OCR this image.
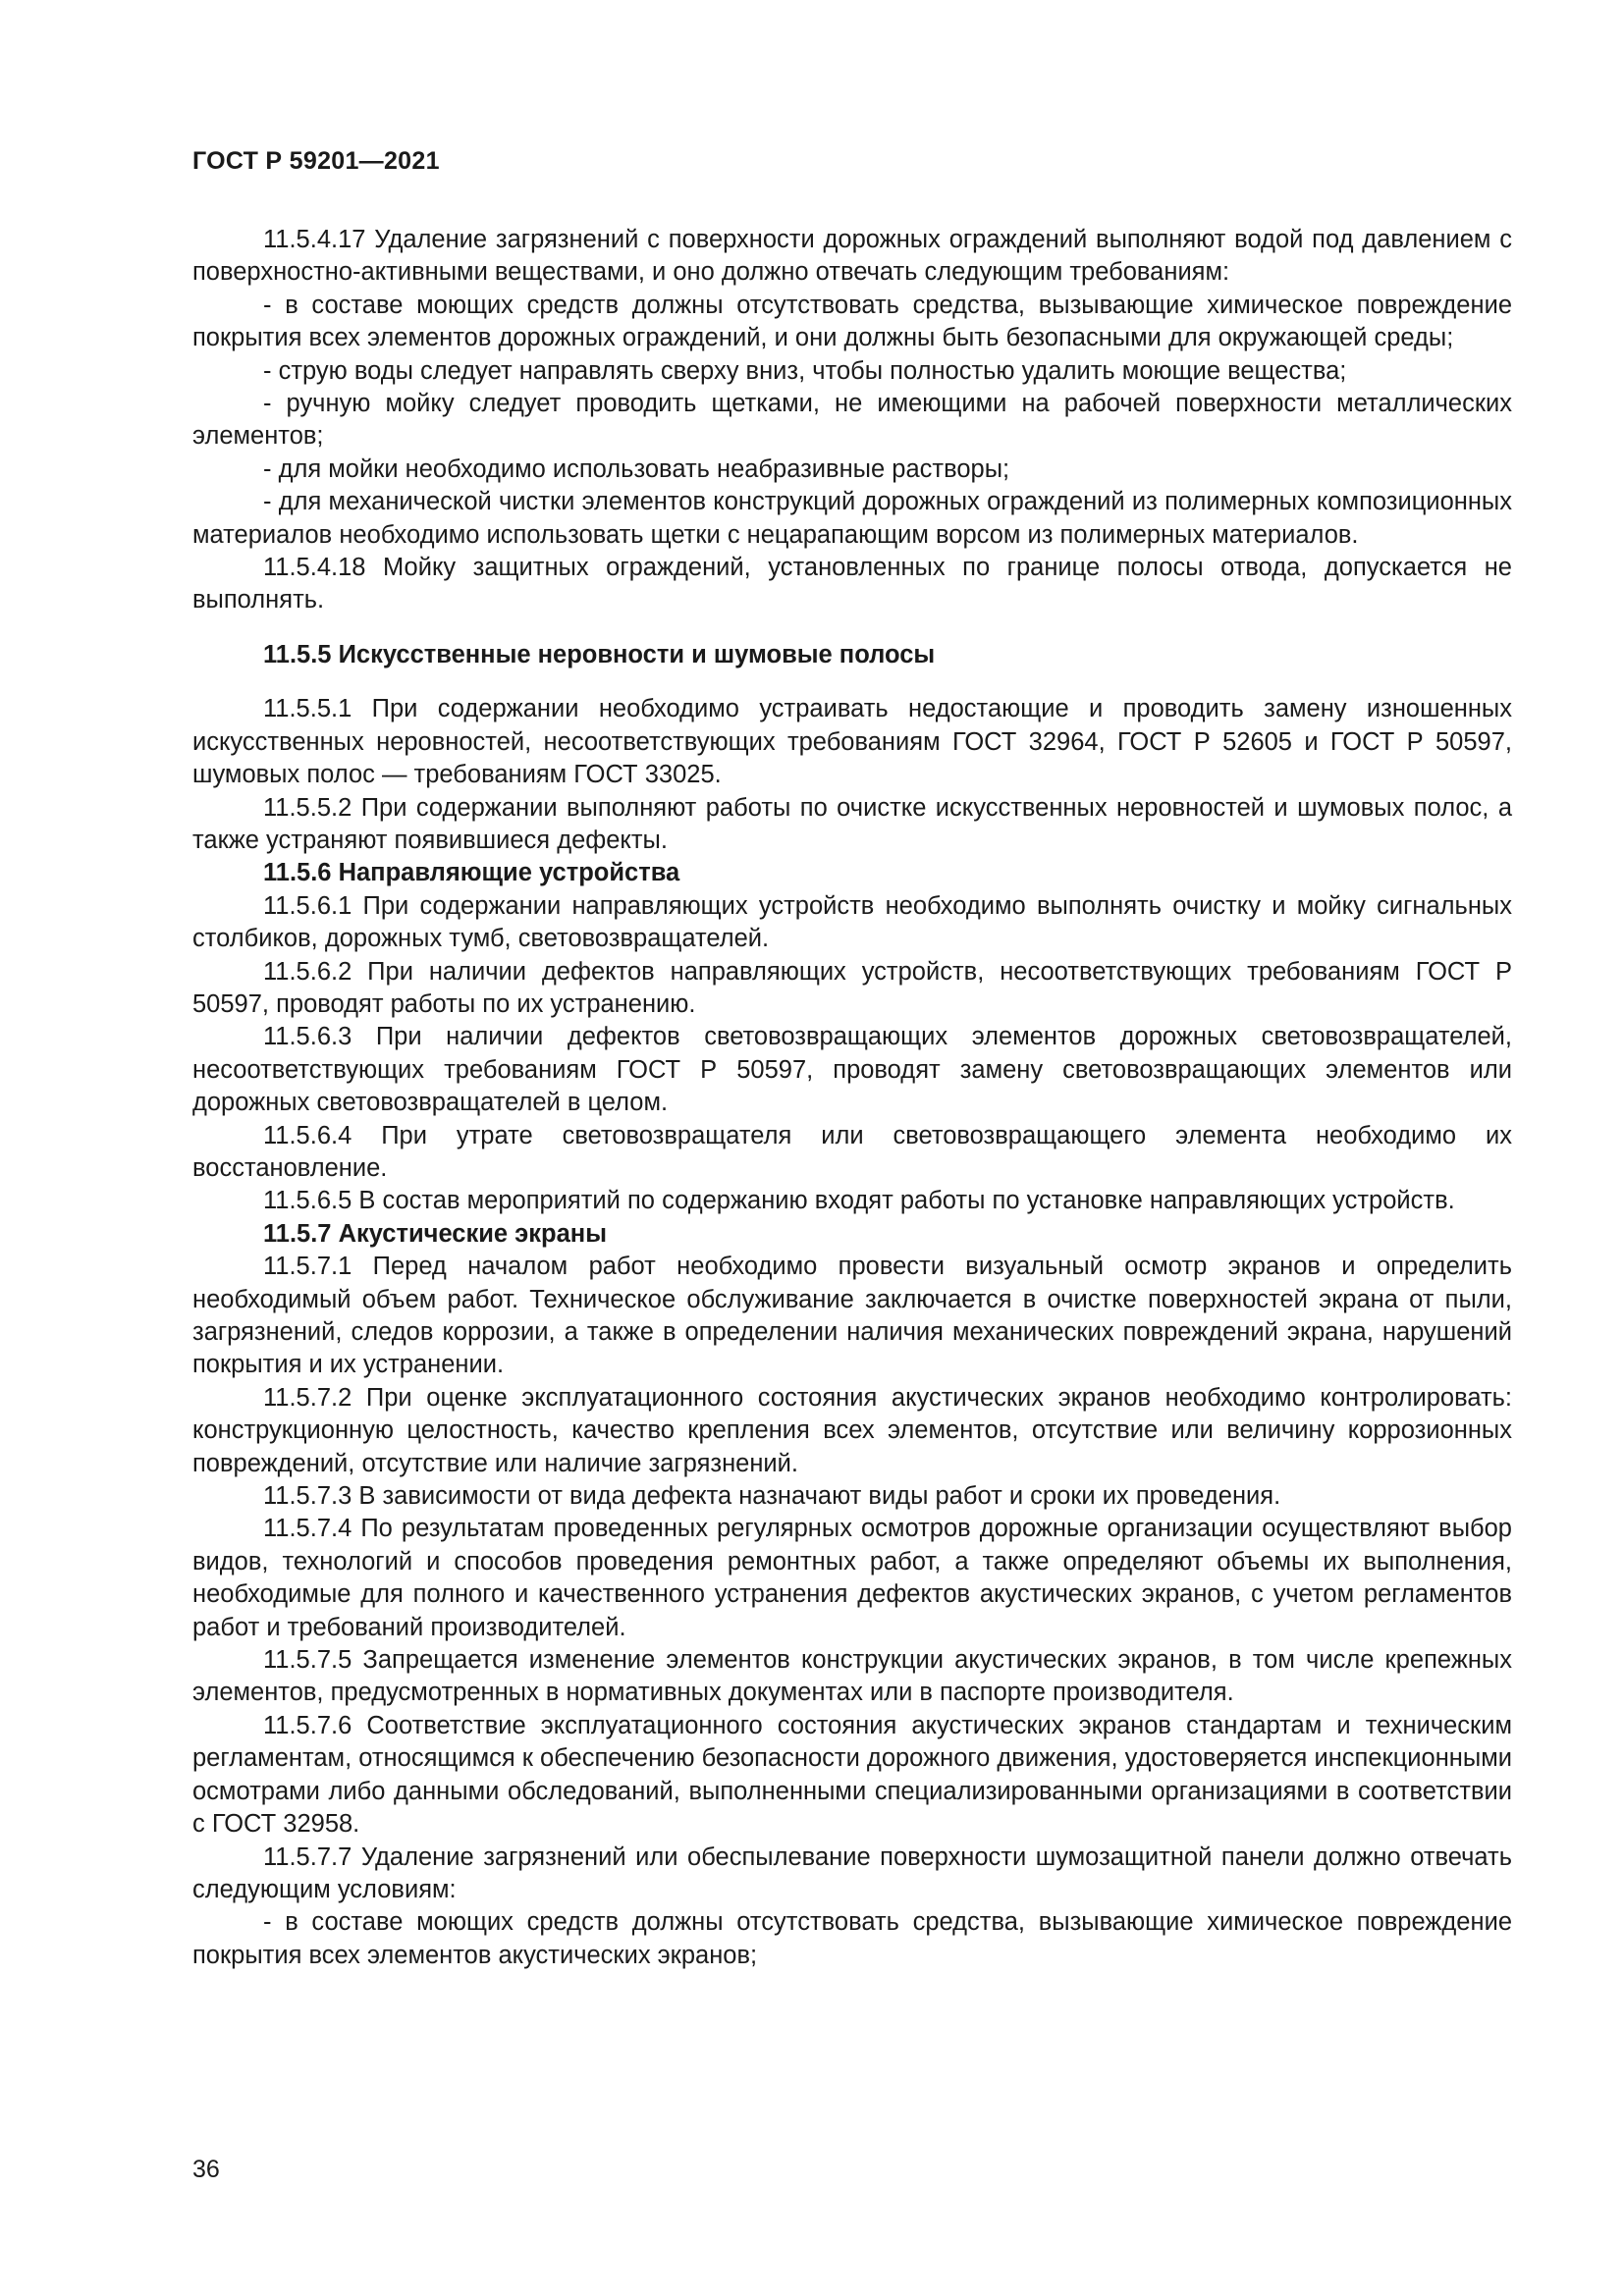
ГОСТ Р 59201—2021

11.5.4.17 Удаление загрязнений с поверхности дорожных ограждений выполняют водой под давлением с поверхностно-активными веществами, и оно должно отвечать следующим требованиям:

- в составе моющих средств должны отсутствовать средства, вызывающие химическое повреждение покрытия всех элементов дорожных ограждений, и они должны быть безопасными для окружающей среды;

- струю воды следует направлять сверху вниз, чтобы полностью удалить моющие вещества;

- ручную мойку следует проводить щетками, не имеющими на рабочей поверхности металлических элементов;

- для мойки необходимо использовать неабразивные растворы;

- для механической чистки элементов конструкций дорожных ограждений из полимерных композиционных материалов необходимо использовать щетки с нецарапающим ворсом из полимерных материалов.

11.5.4.18 Мойку защитных ограждений, установленных по границе полосы отвода, допускается не выполнять.

11.5.5 Искусственные неровности и шумовые полосы

11.5.5.1 При содержании необходимо устраивать недостающие и проводить замену изношенных искусственных неровностей, несоответствующих требованиям ГОСТ 32964, ГОСТ Р 52605 и ГОСТ Р 50597, шумовых полос — требованиям ГОСТ 33025.

11.5.5.2 При содержании выполняют работы по очистке искусственных неровностей и шумовых полос, а также устраняют появившиеся дефекты.

11.5.6 Направляющие устройства

11.5.6.1 При содержании направляющих устройств необходимо выполнять очистку и мойку сигнальных столбиков, дорожных тумб, световозвращателей.

11.5.6.2 При наличии дефектов направляющих устройств, несоответствующих требованиям ГОСТ Р 50597, проводят работы по их устранению.

11.5.6.3 При наличии дефектов световозвращающих элементов дорожных световозвращателей, несоответствующих требованиям ГОСТ Р 50597, проводят замену световозвращающих элементов или дорожных световозвращателей в целом.

11.5.6.4 При утрате световозвращателя или световозвращающего элемента необходимо их восстановление.

11.5.6.5 В состав мероприятий по содержанию входят работы по установке направляющих устройств.

11.5.7 Акустические экраны

11.5.7.1 Перед началом работ необходимо провести визуальный осмотр экранов и определить необходимый объем работ. Техническое обслуживание заключается в очистке поверхностей экрана от пыли, загрязнений, следов коррозии, а также в определении наличия механических повреждений экрана, нарушений покрытия и их устранении.

11.5.7.2 При оценке эксплуатационного состояния акустических экранов необходимо контролировать: конструкционную целостность, качество крепления всех элементов, отсутствие или величину коррозионных повреждений, отсутствие или наличие загрязнений.

11.5.7.3 В зависимости от вида дефекта назначают виды работ и сроки их проведения.

11.5.7.4 По результатам проведенных регулярных осмотров дорожные организации осуществляют выбор видов, технологий и способов проведения ремонтных работ, а также определяют объемы их выполнения, необходимые для полного и качественного устранения дефектов акустических экранов, с учетом регламентов работ и требований производителей.

11.5.7.5 Запрещается изменение элементов конструкции акустических экранов, в том числе крепежных элементов, предусмотренных в нормативных документах или в паспорте производителя.

11.5.7.6 Соответствие эксплуатационного состояния акустических экранов стандартам и техническим регламентам, относящимся к обеспечению безопасности дорожного движения, удостоверяется инспекционными осмотрами либо данными обследований, выполненными специализированными организациями в соответствии с ГОСТ 32958.

11.5.7.7 Удаление загрязнений или обеспылевание поверхности шумозащитной панели должно отвечать следующим условиям:

- в составе моющих средств должны отсутствовать средства, вызывающие химическое повреждение покрытия всех элементов акустических экранов;

36
